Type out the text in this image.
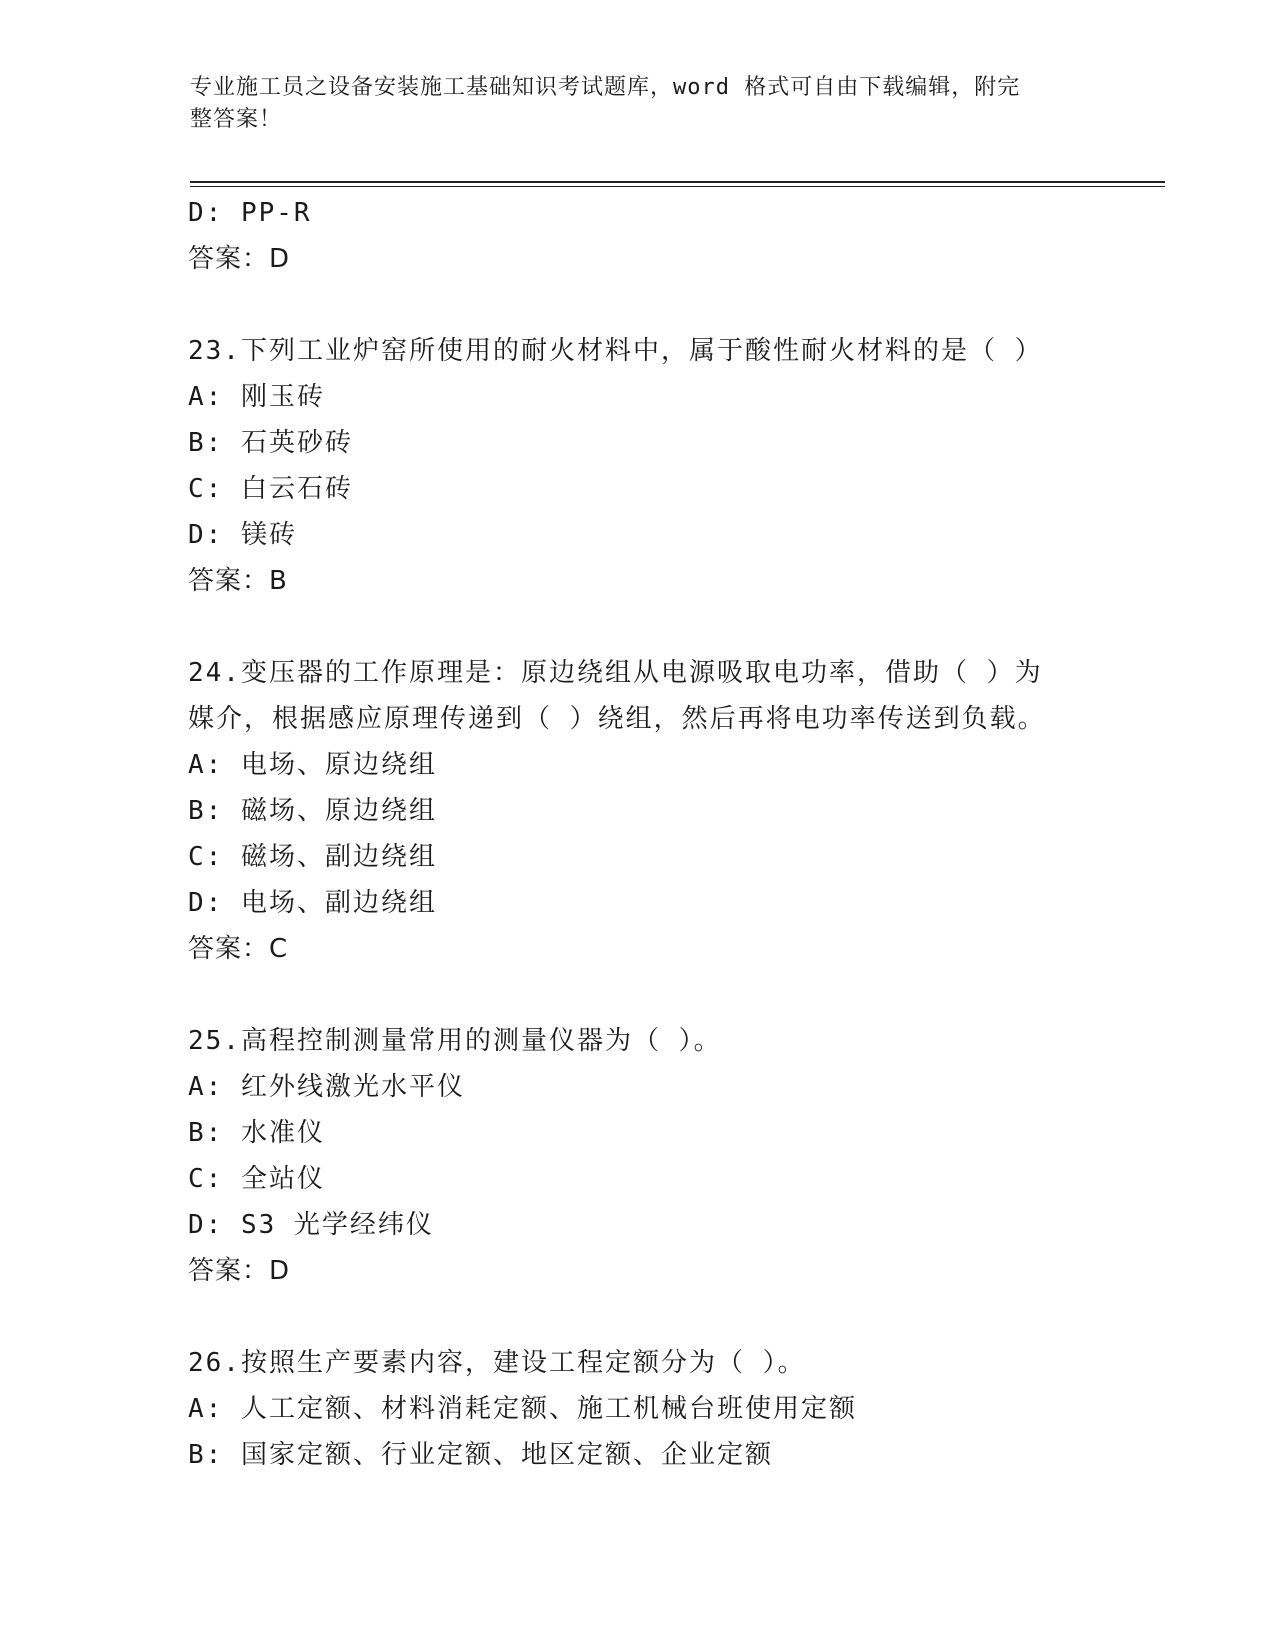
专业施工员之设备安装施工基础知识考试题库，word 格式可自由下载编辑，附完
整答案！
D: PP-R
答案：D
23.下列工业炉窑所使用的耐火材料中，属于酸性耐火材料的是（ ）
A: 刚玉砖
B: 石英砂砖
C: 白云石砖
D: 镁砖
答案：B
24.变压器的工作原理是：原边绕组从电源吸取电功率，借助（ ）为
媒介，根据感应原理传递到（ ）绕组，然后再将电功率传送到负载。
A: 电场、原边绕组
B: 磁场、原边绕组
C: 磁场、副边绕组
D: 电场、副边绕组
答案：C
25.高程控制测量常用的测量仪器为（ ）。
A: 红外线激光水平仪
B: 水准仪
C: 全站仪
D: S3 光学经纬仪
答案：D
26.按照生产要素内容，建设工程定额分为（ ）。
A: 人工定额、材料消耗定额、施工机械台班使用定额
B: 国家定额、行业定额、地区定额、企业定额
